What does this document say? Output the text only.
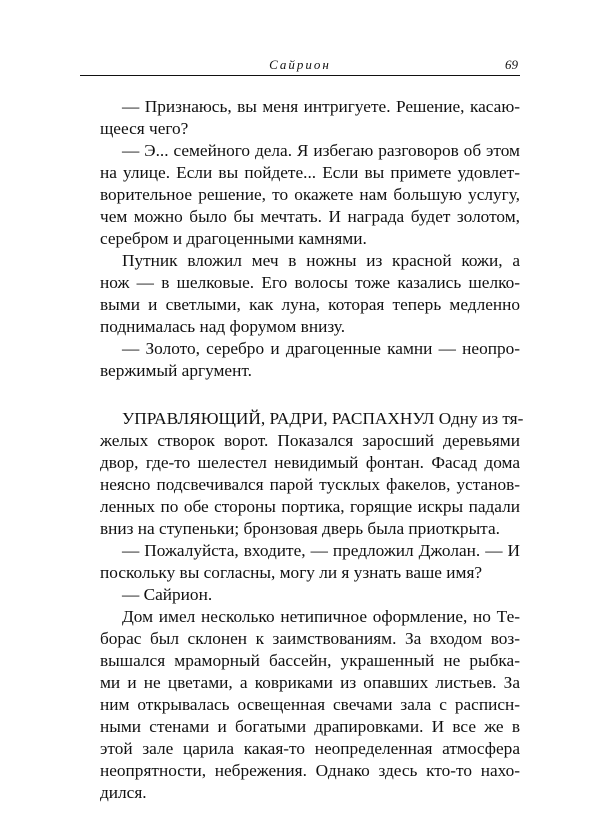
Сайрион	69
— Признаюсь, вы меня интригуете. Решение, касаю-
щееся чего?
— Э... семейного дела. Я избегаю разговоров об этом
на улице. Если вы пойдете... Если вы примете удовлет-
ворительное решение, то окажете нам большую услугу,
чем можно было бы мечтать. И награда будет золотом,
серебром и драгоценными камнями.
Путник вложил меч в ножны из красной кожи, а
нож — в шелковые. Его волосы тоже казались шелко-
выми и светлыми, как луна, которая теперь медленно
поднималась над форумом внизу.
— Золото, серебро и драгоценные камни — неопро-
вержимый аргумент.
УПРАВЛЯЮЩИЙ, РАДРИ, РАСПАХНУЛ Одну из тя-
желых створок ворот. Показался заросший деревьями
двор, где-то шелестел невидимый фонтан. Фасад дома
неясно подсвечивался парой тусклых факелов, установ-
ленных по обе стороны портика, горящие искры падали
вниз на ступеньки; бронзовая дверь была приоткрыта.
— Пожалуйста, входите, — предложил Джолан. — И
поскольку вы согласны, могу ли я узнать ваше имя?
— Сайрион.
Дом имел несколько нетипичное оформление, но Те-
борас был склонен к заимствованиям. За входом воз-
вышался мраморный бассейн, украшенный не рыбка-
ми и не цветами, а ковриками из опавших листьев. За
ним открывалась освещенная свечами зала с расписн-
ными стенами и богатыми драпировками. И все же в
этой зале царила какая-то неопределенная атмосфера
неопрятности, небрежения. Однако здесь кто-то нахо-
дился.
